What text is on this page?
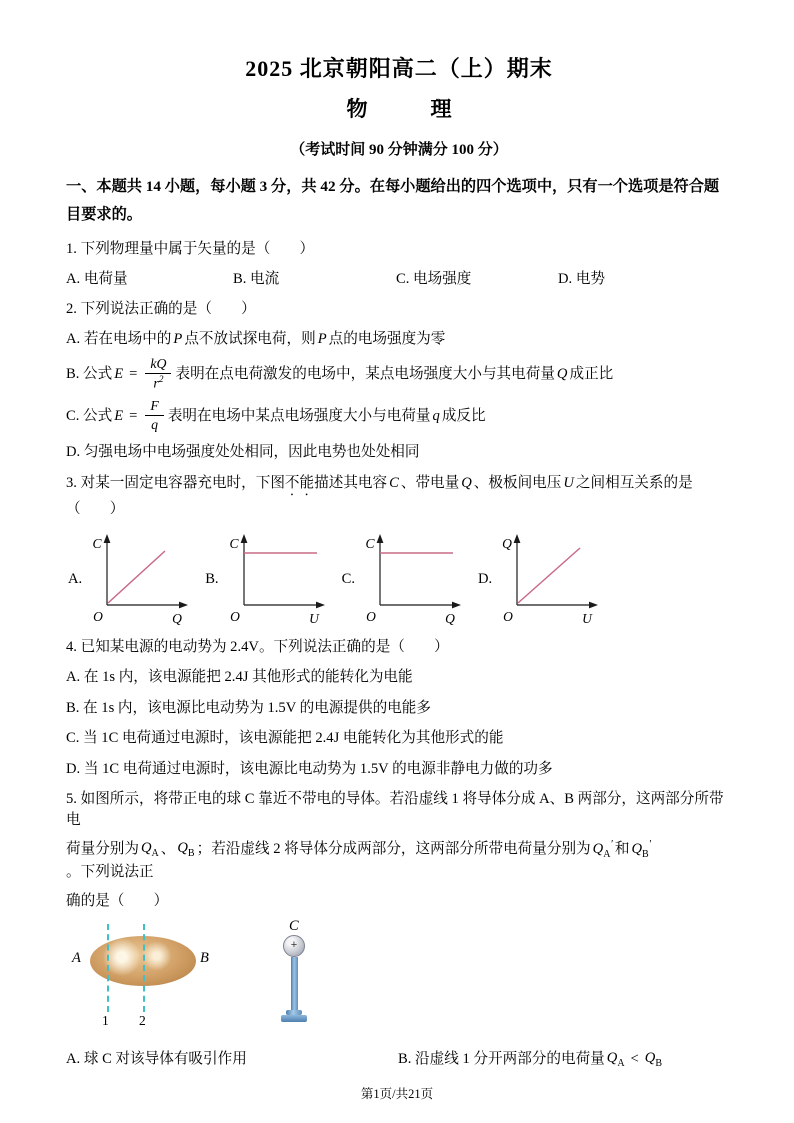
2025 北京朝阳高二（上）期末
物　　　理
（考试时间 90 分钟满分 100 分）
一、本题共 14 小题，每小题 3 分，共 42 分。在每小题给出的四个选项中，只有一个选项是符合题目要求的。
1. 下列物理量中属于矢量的是（　　）
A. 电荷量	B. 电流	C. 电场强度	D. 电势
2. 下列说法正确的是（　　）
A. 若在电场中的 P 点不放试探电荷，则 P 点的电场强度为零
B. 公式 $E = \frac{kQ}{r^2}$ 表明在点电荷激发的电场中，某点电场强度大小与其电荷量 Q 成正比
C. 公式 $E = \frac{F}{q}$ 表明在电场中某点电场强度大小与电荷量 q 成反比
D. 匀强电场中电场强度处处相同，因此电势也处处相同
3. 对某一固定电容器充电时，下图不能描述其电容 C 、带电量 Q 、极板间电压 U 之间相互关系的是（　　）
A.
C
O	Q
B.
C
O	U
C.
C
O	Q
D.
Q
O	U
4. 已知某电源的电动势为 2.4V。下列说法正确的是（　　）
A. 在 1s 内，该电源能把 2.4J 其他形式的能转化为电能
B. 在 1s 内，该电源比电动势为 1.5V 的电源提供的电能多
C. 当 1C 电荷通过电源时，该电源能把 2.4J 电能转化为其他形式的能
D. 当 1C 电荷通过电源时，该电源比电动势为 1.5V 的电源非静电力做的功多
5. 如图所示，将带正电的球 C 靠近不带电的导体。若沿虚线 1 将导体分成 A、B 两部分，这两部分所带电
荷量分别为 $Q_A$ 、 $Q_B$ ；若沿虚线 2 将导体分成两部分，这两部分所带电荷量分别为 $Q_A'$ 和 $Q_B'$
。下列说法正
确的是（　　）
A	B
1 2
C
+
A. 球 C 对该导体有吸引作用	B. 沿虚线 1 分开两部分的电荷量 $Q_A < Q_B$
第1页/共21页
